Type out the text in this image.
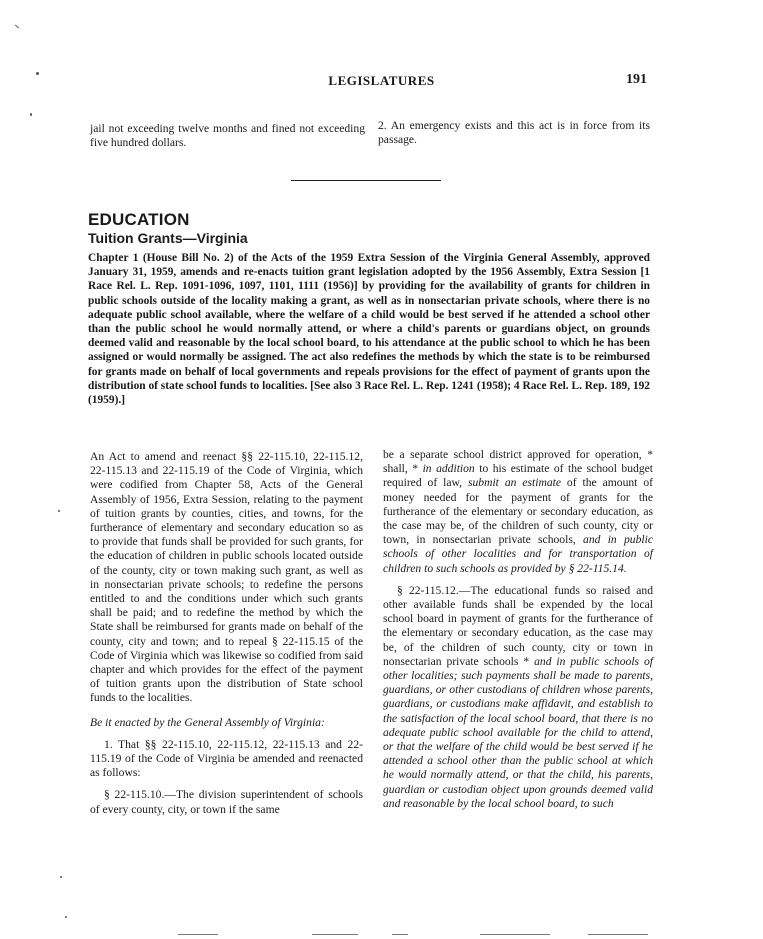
LEGISLATURES	191
jail not exceeding twelve months and fined not exceeding five hundred dollars.
2. An emergency exists and this act is in force from its passage.
EDUCATION
Tuition Grants—Virginia
Chapter 1 (House Bill No. 2) of the Acts of the 1959 Extra Session of the Virginia General Assembly, approved January 31, 1959, amends and re-enacts tuition grant legislation adopted by the 1956 Assembly, Extra Session [1 Race Rel. L. Rep. 1091-1096, 1097, 1101, 1111 (1956)] by providing for the availability of grants for children in public schools outside of the locality making a grant, as well as in nonsectarian private schools, where there is no adequate public school available, where the welfare of a child would be best served if he attended a school other than the public school he would normally attend, or where a child's parents or guardians object, on grounds deemed valid and reasonable by the local school board, to his attendance at the public school to which he has been assigned or would normally be assigned. The act also redefines the methods by which the state is to be reimbursed for grants made on behalf of local governments and repeals provisions for the effect of payment of grants upon the distribution of state school funds to localities. [See also 3 Race Rel. L. Rep. 1241 (1958); 4 Race Rel. L. Rep. 189, 192 (1959).]

An Act to amend and reenact §§ 22-115.10, 22-115.12, 22-115.13 and 22-115.19 of the Code of Virginia, which were codified from Chapter 58, Acts of the General Assembly of 1956, Extra Session, relating to the payment of tuition grants by counties, cities, and towns, for the furtherance of elementary and secondary education so as to provide that funds shall be provided for such grants, for the education of children in public schools located outside of the county, city or town making such grant, as well as in nonsectarian private schools; to redefine the persons entitled to and the conditions under which such grants shall be paid; and to redefine the method by which the State shall be reimbursed for grants made on behalf of the county, city and town; and to repeal § 22-115.15 of the Code of Virginia which was likewise so codified from said chapter and which provides for the effect of the payment of tuition grants upon the distribution of State school funds to the localities.

Be it enacted by the General Assembly of Virginia:

1. That §§ 22-115.10, 22-115.12, 22-115.13 and 22-115.19 of the Code of Virginia be amended and reenacted as follows:

§ 22-115.10.—The division superintendent of schools of every county, city, or town if the same

be a separate school district approved for operation, * shall, * in addition to his estimate of the school budget required of law, submit an estimate of the amount of money needed for the payment of grants for the furtherance of the elementary or secondary education, as the case may be, of the children of such county, city or town, in nonsectarian private schools, and in public schools of other localities and for transportation of children to such schools as provided by § 22-115.14.

§ 22-115.12.—The educational funds so raised and other available funds shall be expended by the local school board in payment of grants for the furtherance of the elementary or secondary education, as the case may be, of the children of such county, city or town in nonsectarian private schools * and in public schools of other localities; such payments shall be made to parents, guardians, or other custodians of children whose parents, guardians, or custodians make affidavit, and establish to the satisfaction of the local school board, that there is no adequate public school available for the child to attend, or that the welfare of the child would be best served if he attended a school other than the public school at which he would normally attend, or that the child, his parents, guardian or custodian object upon grounds deemed valid and reasonable by the local school board, to such
